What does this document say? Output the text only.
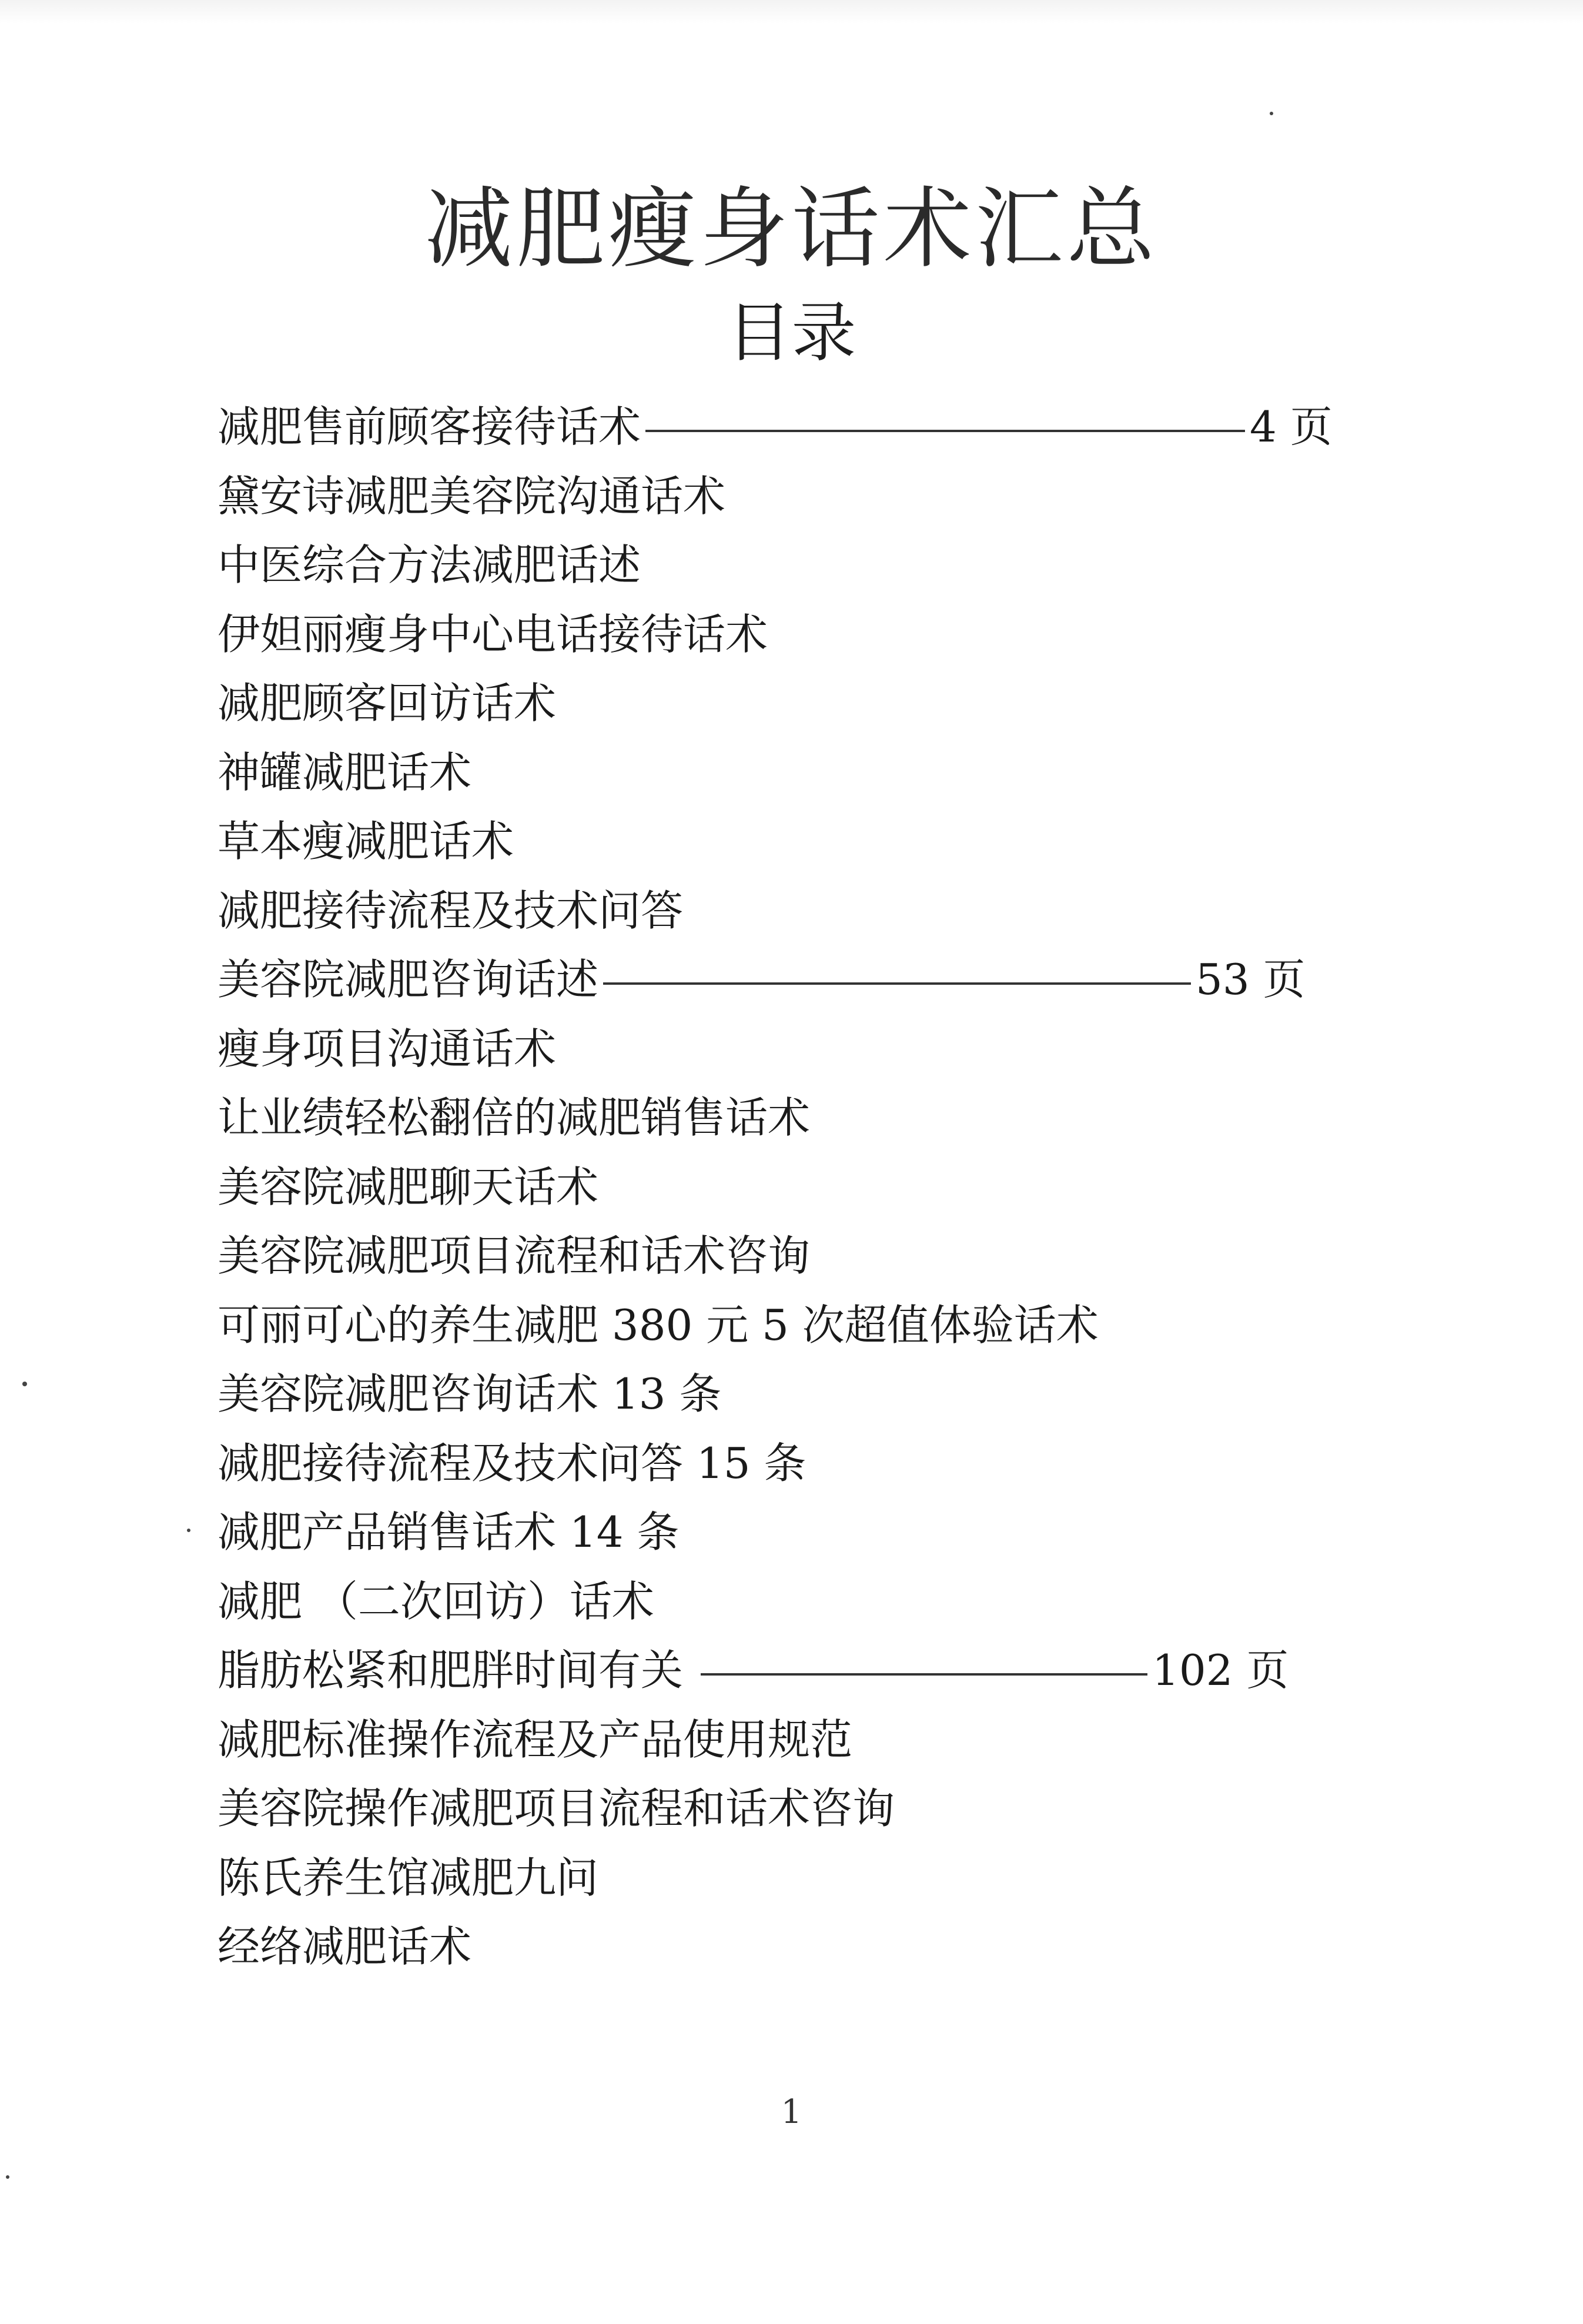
减肥瘦身话术汇总
目录
减肥售前顾客接待话术	4 页
黛安诗减肥美容院沟通话术
中医综合方法减肥话述
伊妲丽瘦身中心电话接待话术
减肥顾客回访话术
神罐减肥话术
草本瘦减肥话术
减肥接待流程及技术问答
美容院减肥咨询话述	53 页
瘦身项目沟通话术
让业绩轻松翻倍的减肥销售话术
美容院减肥聊天话术
美容院减肥项目流程和话术咨询
可丽可心的养生减肥 380 元 5 次超值体验话术
美容院减肥咨询话术 13 条
减肥接待流程及技术问答 15 条
减肥产品销售话术 14 条
减肥 （二次回访）话术
脂肪松紧和肥胖时间有关	102 页
减肥标准操作流程及产品使用规范
美容院操作减肥项目流程和话术咨询
陈氏养生馆减肥九问
经络减肥话术
1
